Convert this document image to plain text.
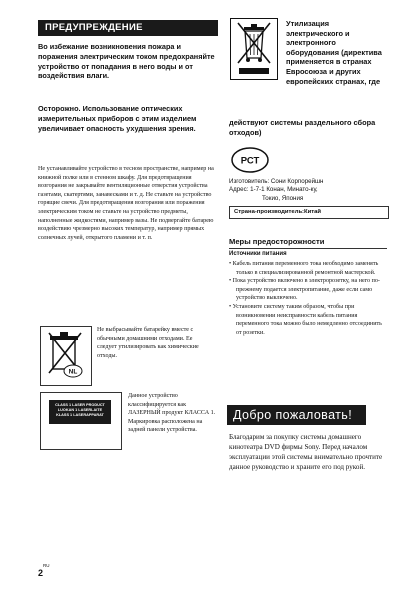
ПРЕДУПРЕЖДЕНИЕ

Во избежание возникновения пожара и поражения электрическим током предохраняйте устройство от попадания в него воды и от воздействия влаги.

Осторожно. Использование оптических измерительных приборов с этим изделием увеличивает опасность ухудшения зрения.

Не устанавливайте устройство в тесном пространстве, например на книжной полке или в стенном шкафу. Для предотвращения возгорания не закрывайте вентиляционные отверстия устройства газетами, скатертями, занавесками и т. д. Не ставьте на устройство горящие свечи. Для предотвращения возгорания или поражения электрическим током не ставьте на устройство предметы, наполненные жидкостями, например вазы. Не подвергайте батарею воздействию чрезмерно высоких температур, например прямых солнечных лучей, открытого пламени и т. п.

NL

Не выбрасывайте батарейку вместе с обычными домашними отходами. Ее следует утилизировать как химические отходы.

CLASS 1 LASER PRODUCT
LUOKAN 1 LASERLAITE
KLASS 1 LASERAPPARAT

Данное устройство классифицируется как ЛАЗЕРНЫЙ продукт КЛАССА 1. Маркировка расположена на задней панели устройства.

Утилизация электрического и электронного оборудования (директива применяется в странах Евросоюза и других европейских странах, где
действуют системы раздельного сбора отходов)
РСТ
Изготовитель: Сони Корпорейшн
Адрес: 1-7-1 Конан, Минато-ку,
Токио, Япония
Страна-производитель:Китай
Меры предосторожности
Источники питания
• Кабель питания переменного тока необходимо заменять только в специализированной ремонтной мастерской.
• Пока устройство включено в электророзетку, на него по-прежнему подается электропитание, даже если само устройство выключено.
• Установите систему таким образом, чтобы при возникновении неисправности кабель питания переменного тока можно было немедленно отсоединить от розетки.
Добро пожаловать!

Благодарим за покупку системы домашнего кинотеатра DVD фирмы Sony. Перед началом эксплуатации этой системы внимательно прочтите данное руководство и храните его под рукой.

$2^{RU}$
